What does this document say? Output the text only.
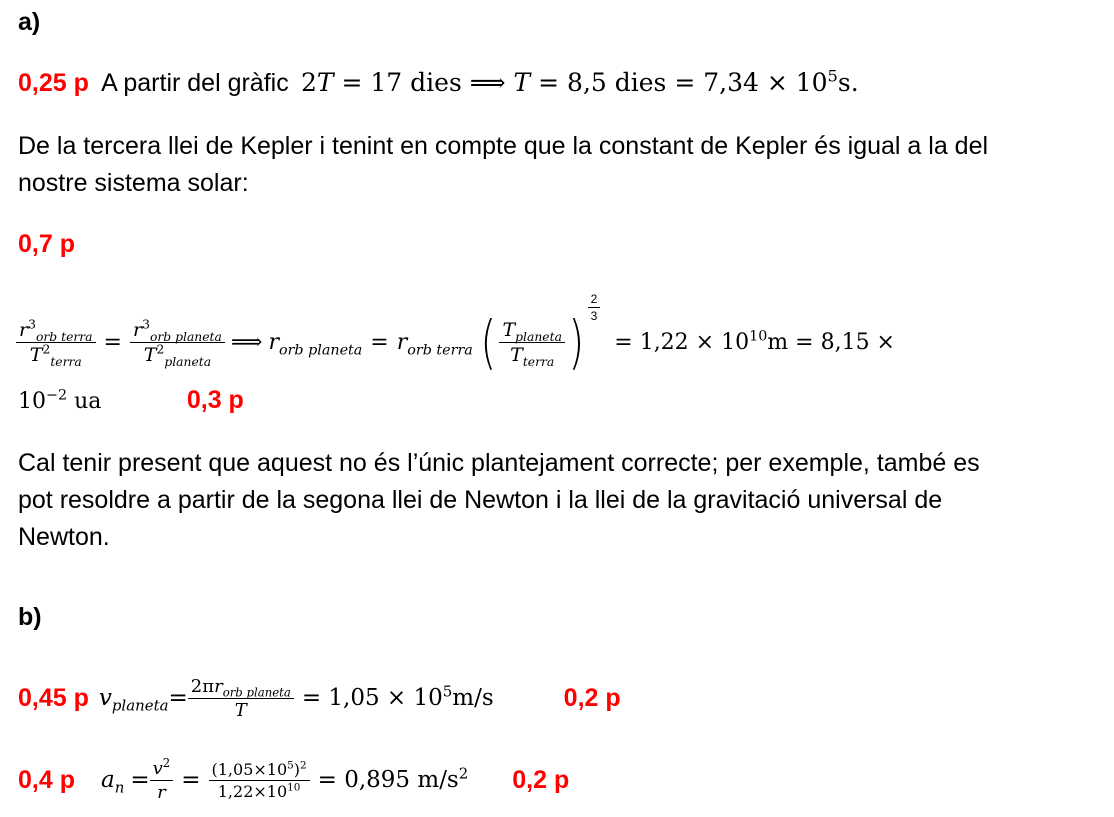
a)
0,25 p A partir del gràfic 2T = 17 dies ⟹ T = 8,5 dies = $7,34 \times 10^5s$.
De la tercera llei de Kepler i tenint en compte que la constant de Kepler és igual a la del
nostre sistema solar:
0,7 p
$\frac{r^3_{orb terra}}{T^2_{terra}} = \frac{r^3_{orb planeta}}{T^2_{planeta}}$ ⟹ $r_{orb planeta} = r_{orb terra}$ ( $\frac{T_{planeta}}{T_{terra}}$ )
$\frac{2}{3}$
= $1,22 \times 10^{10}m = 8,15$ ×
$10^{-2}$ ua	0,3 p
Cal tenir present que aquest no és l’únic plantejament correcte; per exemple, també es
pot resoldre a partir de la segona llei de Newton i la llei de la gravitació universal de
Newton.
b)
0,45 p $v_{planeta} = \frac{2\pi r_{orb planeta}}{T} = 1,05 \times 10^5m/s$	0,2 p
0,4 p $a_n = \frac{v^2}{r} = \frac{(1,05\times 10^5)^2}{1,22\times 10^{10}} = 0,895$ $m/s^2$ 0,2 p
